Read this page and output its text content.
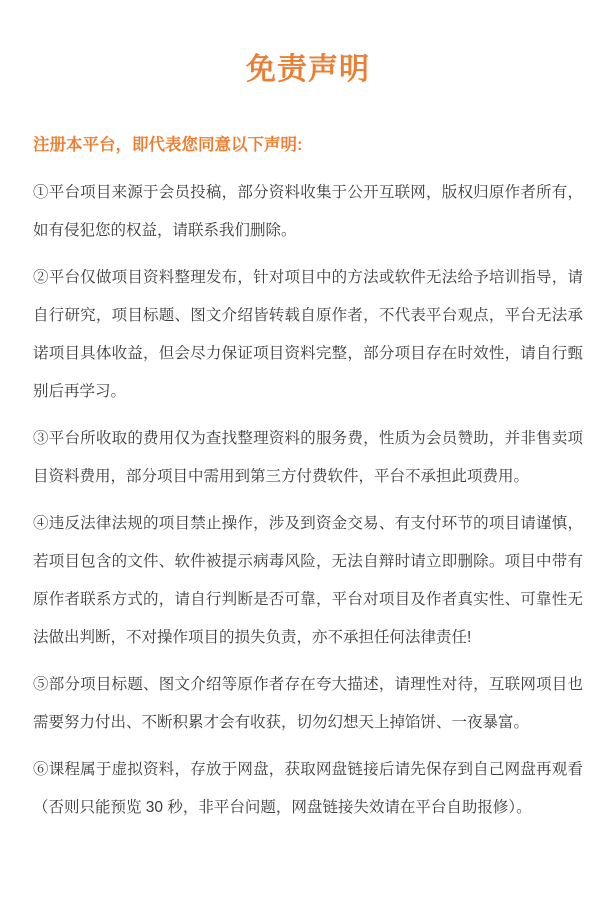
免责声明
注册本平台，即代表您同意以下声明:
①平台项目来源于会员投稿，部分资料收集于公开互联网，版权归原作者所有，
如有侵犯您的权益，请联系我们删除。
②平台仅做项目资料整理发布，针对项目中的方法或软件无法给予培训指导，请
自行研究，项目标题、图文介绍皆转载自原作者，不代表平台观点，平台无法承
诺项目具体收益，但会尽力保证项目资料完整，部分项目存在时效性，请自行甄
别后再学习。
③平台所收取的费用仅为查找整理资料的服务费，性质为会员赞助，并非售卖项
目资料费用，部分项目中需用到第三方付费软件，平台不承担此项费用。
④违反法律法规的项目禁止操作，涉及到资金交易、有支付环节的项目请谨慎，
若项目包含的文件、软件被提示病毒风险，无法自辩时请立即删除。项目中带有
原作者联系方式的，请自行判断是否可靠，平台对项目及作者真实性、可靠性无
法做出判断，不对操作项目的损失负责，亦不承担任何法律责任!
⑤部分项目标题、图文介绍等原作者存在夸大描述，请理性对待，互联网项目也
需要努力付出、不断积累才会有收获，切勿幻想天上掉馅饼、一夜暴富。
⑥课程属于虚拟资料，存放于网盘，获取网盘链接后请先保存到自己网盘再观看
（否则只能预览 30 秒，非平台问题，网盘链接失效请在平台自助报修）。
